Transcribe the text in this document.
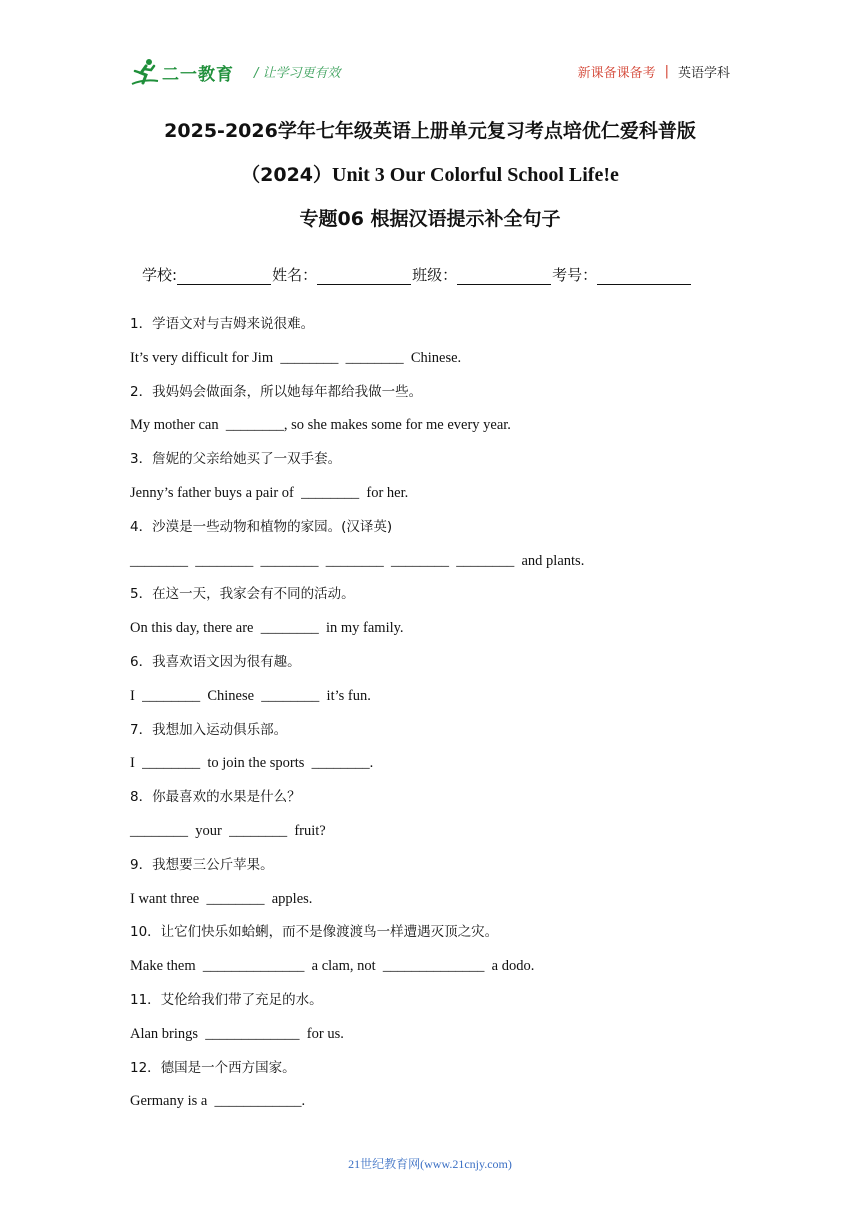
二一教育 / 让学习更有效	新课备课备考 | 英语学科
2025-2026学年七年级英语上册单元复习考点培优仁爱科普版
（2024）Unit 3 Our Colorful School Life!e
专题06 根据汉语提示补全句子
学校:	姓名：	班级：	考号：
1．学语文对与吉姆来说很难。
It’s very difficult for Jim  ________  ________  Chinese.
2．我妈妈会做面条，所以她每年都给我做一些。
My mother can  ________, so she makes some for me every year.
3．詹妮的父亲给她买了一双手套。
Jenny’s father buys a pair of  ________  for her.
4．沙漠是一些动物和植物的家园。(汉译英)
________  ________  ________  ________  ________  ________  and plants.
5．在这一天，我家会有不同的活动。
On this day, there are  ________  in my family.
6．我喜欢语文因为很有趣。
I  ________  Chinese  ________  it’s fun.
7．我想加入运动俱乐部。
I  ________  to join the sports  ________.
8．你最喜欢的水果是什么？
________  your  ________  fruit?
9．我想要三公斤苹果。
I want three  ________  apples.
10．让它们快乐如蛤蜊，而不是像渡渡鸟一样遭遇灭顶之灾。
Make them  ______________  a clam, not  ______________  a dodo.
11．艾伦给我们带了充足的水。
Alan brings  _____________  for us.
12．德国是一个西方国家。
Germany is a  ____________.
21世纪教育网(www.21cnjy.com)
